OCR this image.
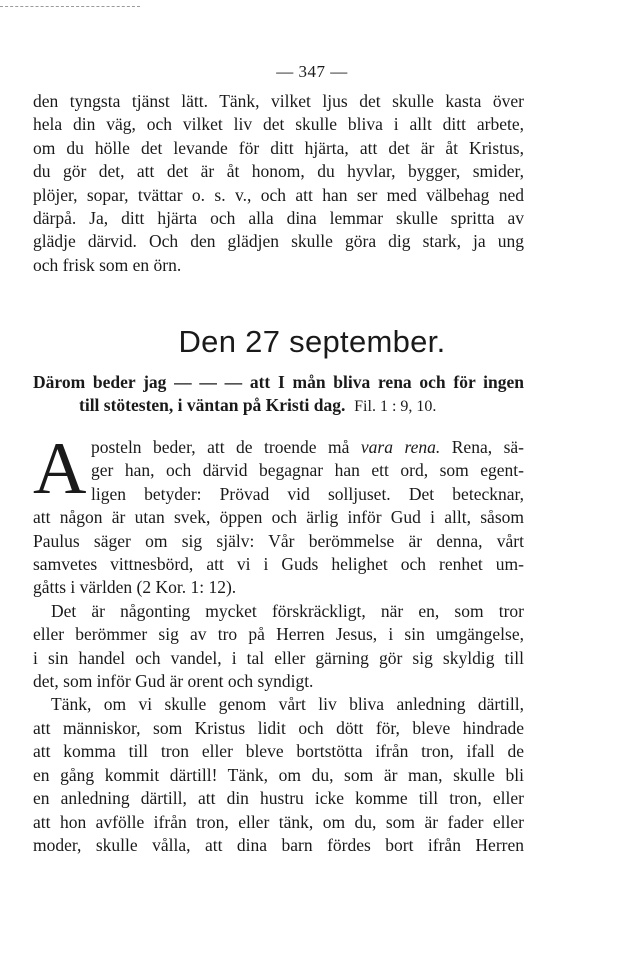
— 347 —
den tyngsta tjänst lätt. Tänk, vilket ljus det skulle kasta över
hela din väg, och vilket liv det skulle bliva i allt ditt arbete,
om du hölle det levande för ditt hjärta, att det är åt Kristus,
du gör det, att det är åt honom, du hyvlar, bygger, smider,
plöjer, sopar, tvättar o. s. v., och att han ser med välbehag ned
därpå. Ja, ditt hjärta och alla dina lemmar skulle spritta av
glädje därvid. Och den glädjen skulle göra dig stark, ja ung
och frisk som en örn.
Den 27 september.
Därom beder jag — — — att I mån bliva rena och för ingen
till stötesten, i väntan på Kristi dag. Fil. 1 : 9, 10.
A posteln beder, att de troende må vara rena. Rena, sä-
ger han, och därvid begagnar han ett ord, som egent-
ligen betyder: Prövad vid solljuset. Det betecknar,
att någon är utan svek, öppen och ärlig inför Gud i allt, såsom
Paulus säger om sig själv: Vår berömmelse är denna, vårt
samvetes vittnesbörd, att vi i Guds helighet och renhet um-
gåtts i världen (2 Kor. 1: 12).
Det är någonting mycket förskräckligt, när en, som tror
eller berömmer sig av tro på Herren Jesus, i sin umgängelse,
i sin handel och vandel, i tal eller gärning gör sig skyldig till
det, som inför Gud är orent och syndigt.
Tänk, om vi skulle genom vårt liv bliva anledning därtill,
att människor, som Kristus lidit och dött för, bleve hindrade
att komma till tron eller bleve bortstötta ifrån tron, ifall de
en gång kommit därtill! Tänk, om du, som är man, skulle bli
en anledning därtill, att din hustru icke komme till tron, eller
att hon avfölle ifrån tron, eller tänk, om du, som är fader eller
moder, skulle vålla, att dina barn fördes bort ifrån Herren
